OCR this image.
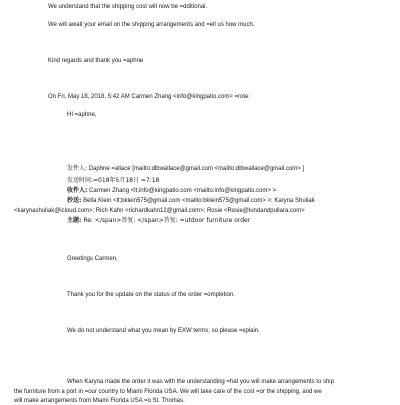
We understand that the shipping cost will now be =dditional.
We will await your email on the shipping arrangements and =ell us how much.
Kind regards and thank you =aphne
On Fri, May 18, 2018, 5:42 AM Carmen Zhang <info@kingpatio.com> =rote:
HI =aphne,
发件人: Daphne =allace [mailto:dlbwallace@gmail.com <mailto:dlbwallace@gmail.com> ]
发送时间:=018年5月18日 =7:18
收件人: Carmen Zhang <lt;info@kingpatio.com <mailto:info@kingpatio.com> >
抄送: Bella Klein <lt;bklein575@gmail.com <mailto:bklein575@gmail.com> >; Karyna Shuliak
<karynashuliak@icloud.com>; Rich Kahn <richardkahn12@gmail.com>; Rosie <Rosie@lundandpullara.com>
主题: Re: </span>答复: </span>答复: =utdoor furniture order
Greetings Carmen,
Thank you for the update on the status of the order =ompletion.
We do not understand what you mean by EXW terms, so please =xplain.
When Karyna made the order it was with the understanding =hat you will make arrangements to ship
the furniture from a port in =our country to Miami Florida USA. We will take care of the cost =or the shipping, and we
will make arrangements from Miami Florida USA =o St. Thomas.
